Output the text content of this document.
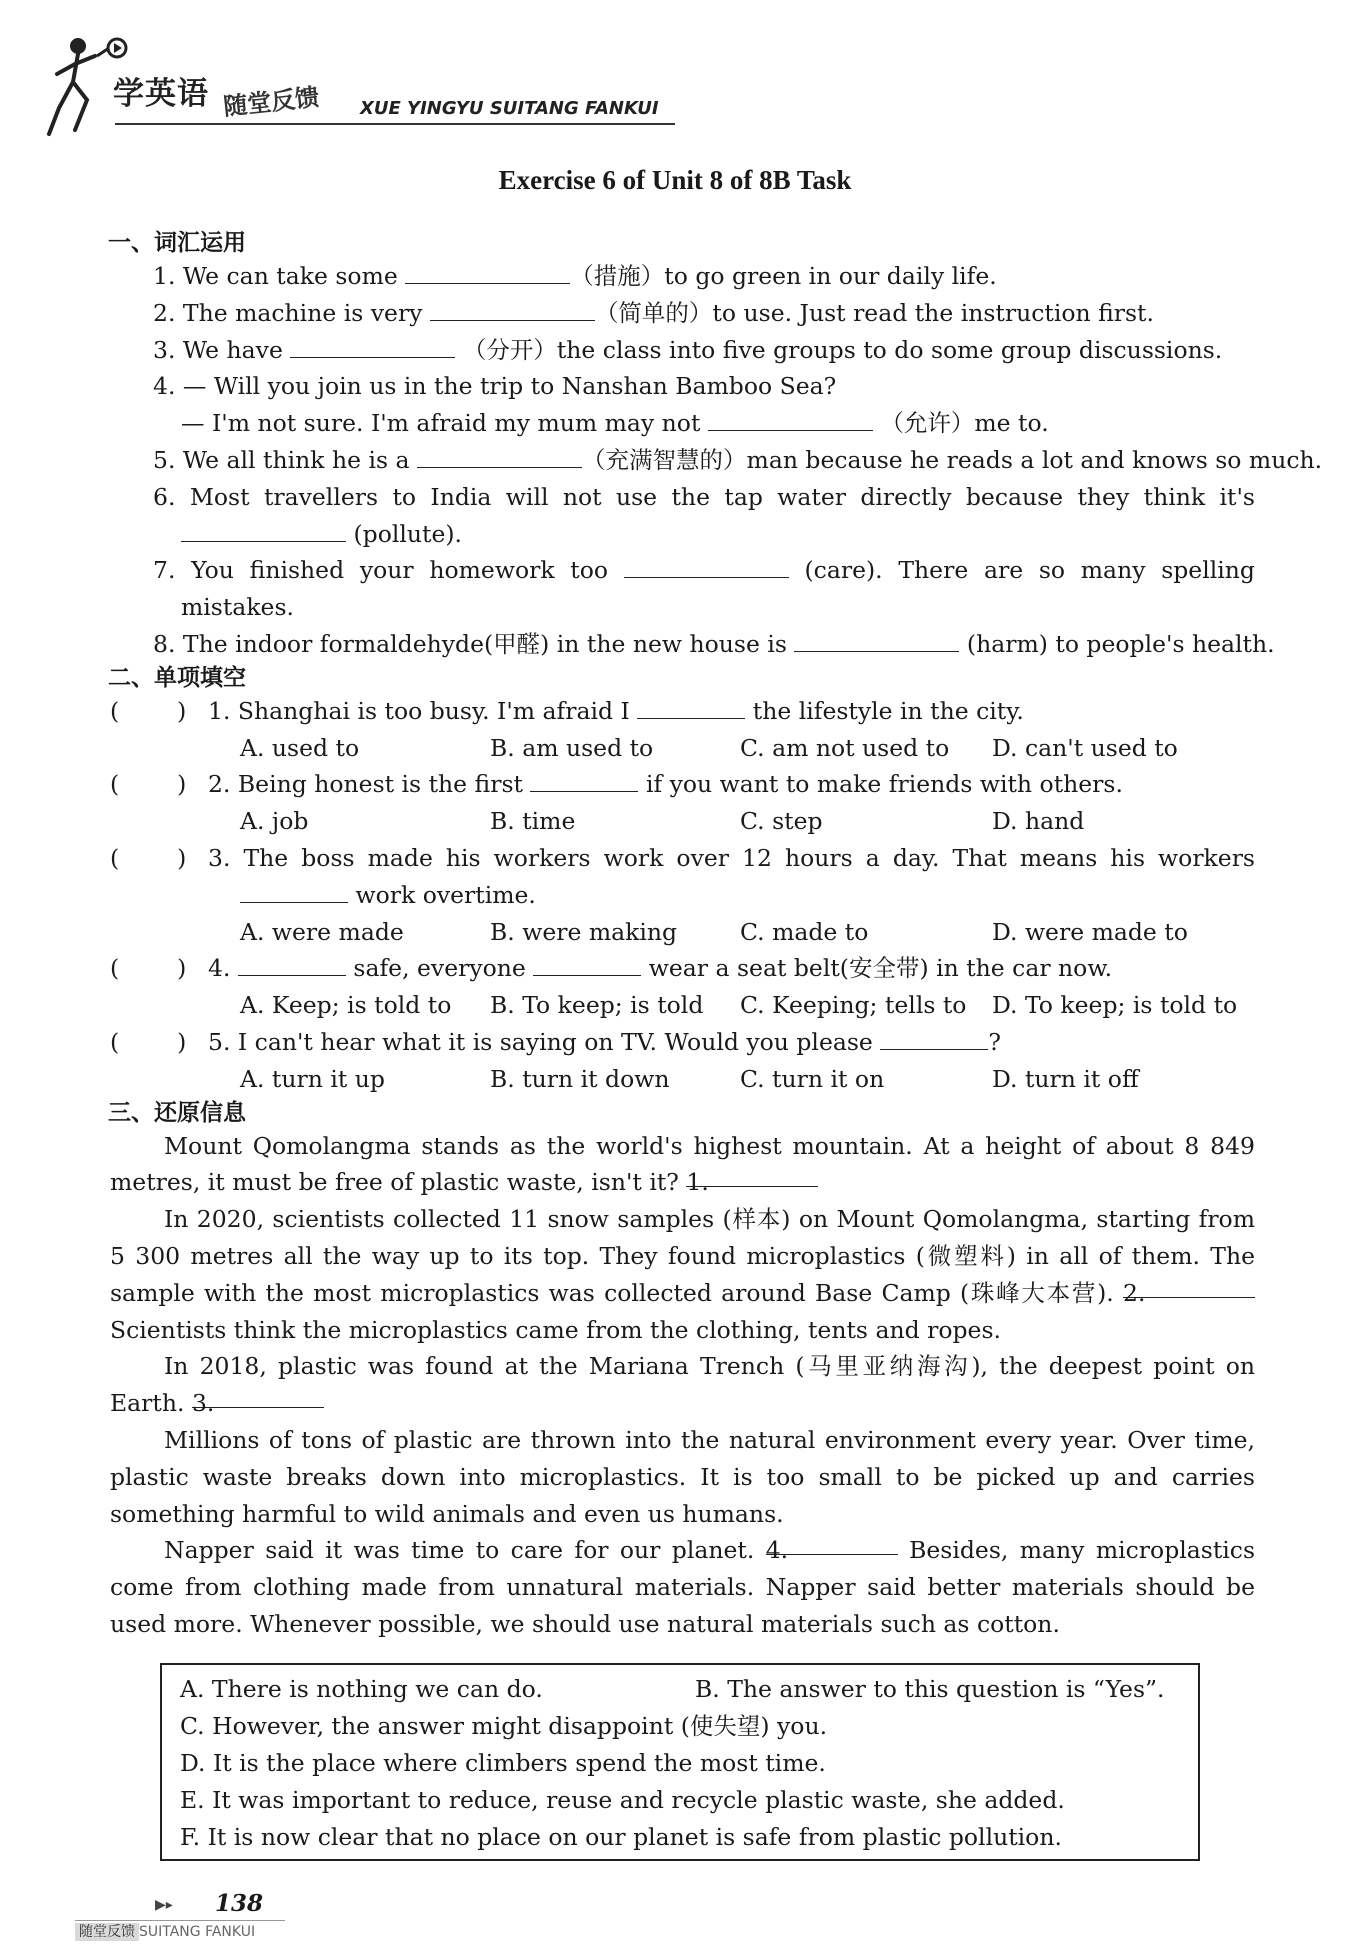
学英语 随堂反馈 XUE YINGYU SUITANG FANKUI
Exercise 6 of Unit 8 of 8B Task
一、词汇运用
1. We can take some	（措施）to go green in our daily life.
2. The machine is very	（简单的）to use. Just read the instruction first.
3. We have	（分开）the class into five groups to do some group discussions.
4. — Will you join us in the trip to Nanshan Bamboo Sea?
— I'm not sure. I'm afraid my mum may not	（允许）me to.
5. We all think he is a	（充满智慧的）man because he reads a lot and knows so much.
6. Most travellers to India will not use the tap water directly because they think it's
(pollute).
7. You finished your homework too	(care). There are so many spelling
mistakes.
8. The indoor formaldehyde(甲醛) in the new house is	(harm) to people's health.
二、单项填空
( ) 1. Shanghai is too busy. I'm afraid I	the lifestyle in the city.
A. used to	B. am used to	C. am not used to	D. can't used to
( ) 2. Being honest is the first	if you want to make friends with others.
A. job	B. time	C. step	D. hand
( ) 3. The boss made his workers work over 12 hours a day. That means his workers
work overtime.
A. were made	B. were making	C. made to	D. were made to
( ) 4.	safe, everyone	wear a seat belt(安全带) in the car now.
A. Keep; is told to	B. To keep; is told	C. Keeping; tells to	D. To keep; is told to
( ) 5. I can't hear what it is saying on TV. Would you please	?
A. turn it up	B. turn it down	C. turn it on	D. turn it off
三、还原信息
Mount Qomolangma stands as the world's highest mountain. At a height of about 8 849 metres, it must be free of plastic waste, isn't it? 1.
In 2020, scientists collected 11 snow samples (样本) on Mount Qomolangma, starting from 5 300 metres all the way up to its top. They found microplastics (微塑料) in all of them. The sample with the most microplastics was collected around Base Camp (珠峰大本营). 2. Scientists think the microplastics came from the clothing, tents and ropes.
In 2018, plastic was found at the Mariana Trench (马里亚纳海沟), the deepest point on Earth. 3.
Millions of tons of plastic are thrown into the natural environment every year. Over time, plastic waste breaks down into microplastics. It is too small to be picked up and carries something harmful to wild animals and even us humans.
Napper said it was time to care for our planet. 4.	Besides, many microplastics come from clothing made from unnatural materials. Napper said better materials should be used more. Whenever possible, we should use natural materials such as cotton.
A. There is nothing we can do.	B. The answer to this question is “Yes”.
C. However, the answer might disappoint (使失望) you.
D. It is the place where climbers spend the most time.
E. It was important to reduce, reuse and recycle plastic waste, she added.
F. It is now clear that no place on our planet is safe from plastic pollution.
▶▸ 138
随堂反馈 SUITANG FANKUI
